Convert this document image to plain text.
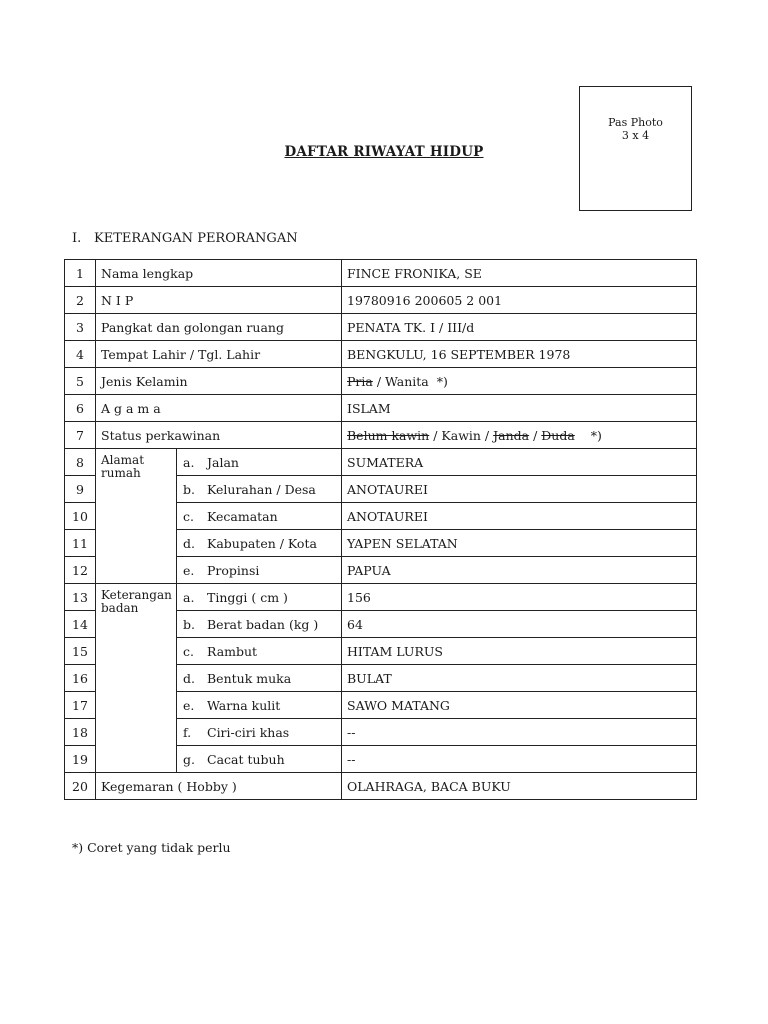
Pas Photo
3 x 4
DAFTAR RIWAYAT HIDUP
I. KETERANGAN PERORANGAN
1	Nama lengkap		FINCE FRONIKA, SE
2	N I P		19780916 200605 2 001
3	Pangkat dan golongan ruang		PENATA TK. I / III/d
4	Tempat Lahir / Tgl. Lahir		BENGKULU, 16 SEPTEMBER 1978
5	Jenis Kelamin		Pria / Wanita *)
6	A g a m a		ISLAM
7	Status perkawinan		Belum kawin / Kawin / Janda / Duda *)
8	Alamat rumah	a. Jalan	SUMATERA
9		b. Kelurahan / Desa	ANOTAUREI
10		c. Kecamatan	ANOTAUREI
11		d. Kabupaten / Kota	YAPEN SELATAN
12		e. Propinsi	PAPUA
13	Keterangan badan	a. Tinggi ( cm )	156
14		b. Berat badan (kg )	64
15		c. Rambut	HITAM LURUS
16		d. Bentuk muka	BULAT
17		e. Warna kulit	SAWO MATANG
18		f. Ciri-ciri khas	--
19		g. Cacat tubuh	--
20	Kegemaran ( Hobby )		OLAHRAGA, BACA BUKU
*) Coret yang tidak perlu
